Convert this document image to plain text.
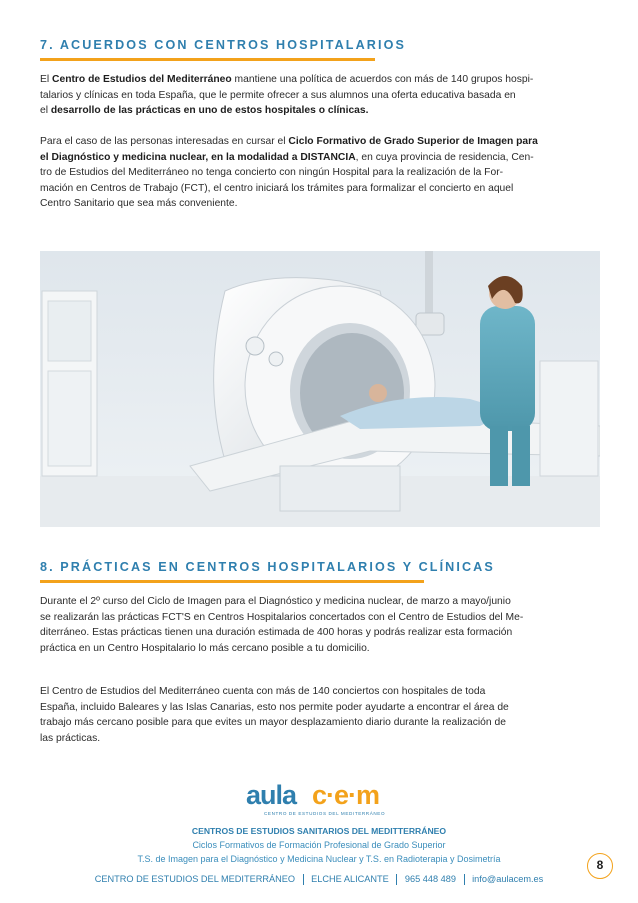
7. ACUERDOS CON CENTROS HOSPITALARIOS

El Centro de Estudios del Mediterráneo mantiene una política de acuerdos con más de 140 grupos hospi-
talarios y clínicas en toda España, que le permite ofrecer a sus alumnos una oferta educativa basada en
el desarrollo de las prácticas en uno de estos hospitales o clínicas.

Para el caso de las personas interesadas en cursar el Ciclo Formativo de Grado Superior de Imagen para
el Diagnóstico y medicina nuclear, en la modalidad a DISTANCIA, en cuya provincia de residencia, Cen-
tro de Estudios del Mediterráneo no tenga concierto con ningún Hospital para la realización de la For-
mación en Centros de Trabajo (FCT), el centro iniciará los trámites para formalizar el concierto en aquel
Centro Sanitario que sea más conveniente.

8. PRÁCTICAS EN CENTROS HOSPITALARIOS Y CLÍNICAS

Durante el 2º curso del Ciclo de Imagen para el Diagnóstico y medicina nuclear, de marzo a mayo/junio
se realizarán las prácticas FCT'S en Centros Hospitalarios concertados con el Centro de Estudios del Me-
diterráneo. Estas prácticas tienen una duración estimada de 400 horas y podrás realizar esta formación
práctica en un Centro Hospitalario lo más cercano posible a tu domicilio.

El Centro de Estudios del Mediterráneo cuenta con más de 140 conciertos con hospitales de toda
España, incluido Baleares y las Islas Canarias, esto nos permite poder ayudarte a encontrar el área de
trabajo más cercano posible para que evites un mayor desplazamiento diario durante la realización de
las prácticas.

aula c·e·m
CENTRO DE ESTUDIOS DEL MEDITERRÁNEO
CENTROS DE ESTUDIOS SANITARIOS DEL MEDITTERRÁNEO
Ciclos Formativos de Formación Profesional de Grado Superior
T.S. de Imagen para el Diagnóstico y Medicina Nuclear y T.S. en Radioterapia y Dosimetría
CENTRO DE ESTUDIOS DEL MEDITERRÁNEO ELCHE ALICANTE 965 448 489 info@aulacem.es
8
